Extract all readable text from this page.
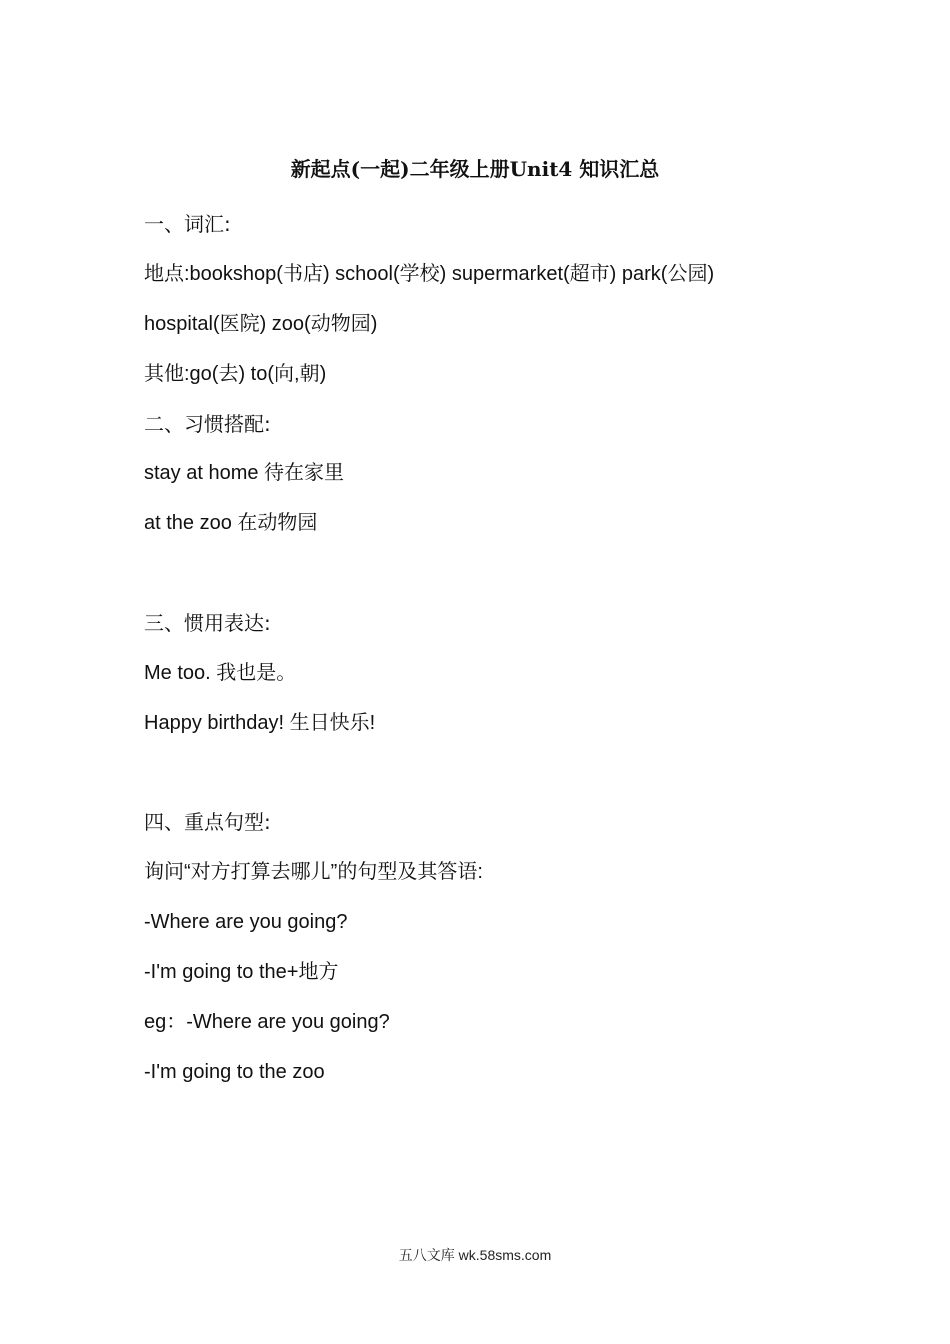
新起点(一起)二年级上册Unit4 知识汇总
一、词汇:
地点:bookshop(书店) school(学校) supermarket(超市) park(公园)
hospital(医院) zoo(动物园)
其他:go(去) to(向,朝)
二、习惯搭配:
stay at home 待在家里
at the zoo 在动物园
三、惯用表达:
Me too. 我也是。
Happy birthday! 生日快乐!
四、重点句型:
询问“对方打算去哪儿”的句型及其答语:
-Where are you going?
-I'm going to the+地方
eg：-Where are you going?
-I'm going to the zoo
五八文库 wk.58sms.com
